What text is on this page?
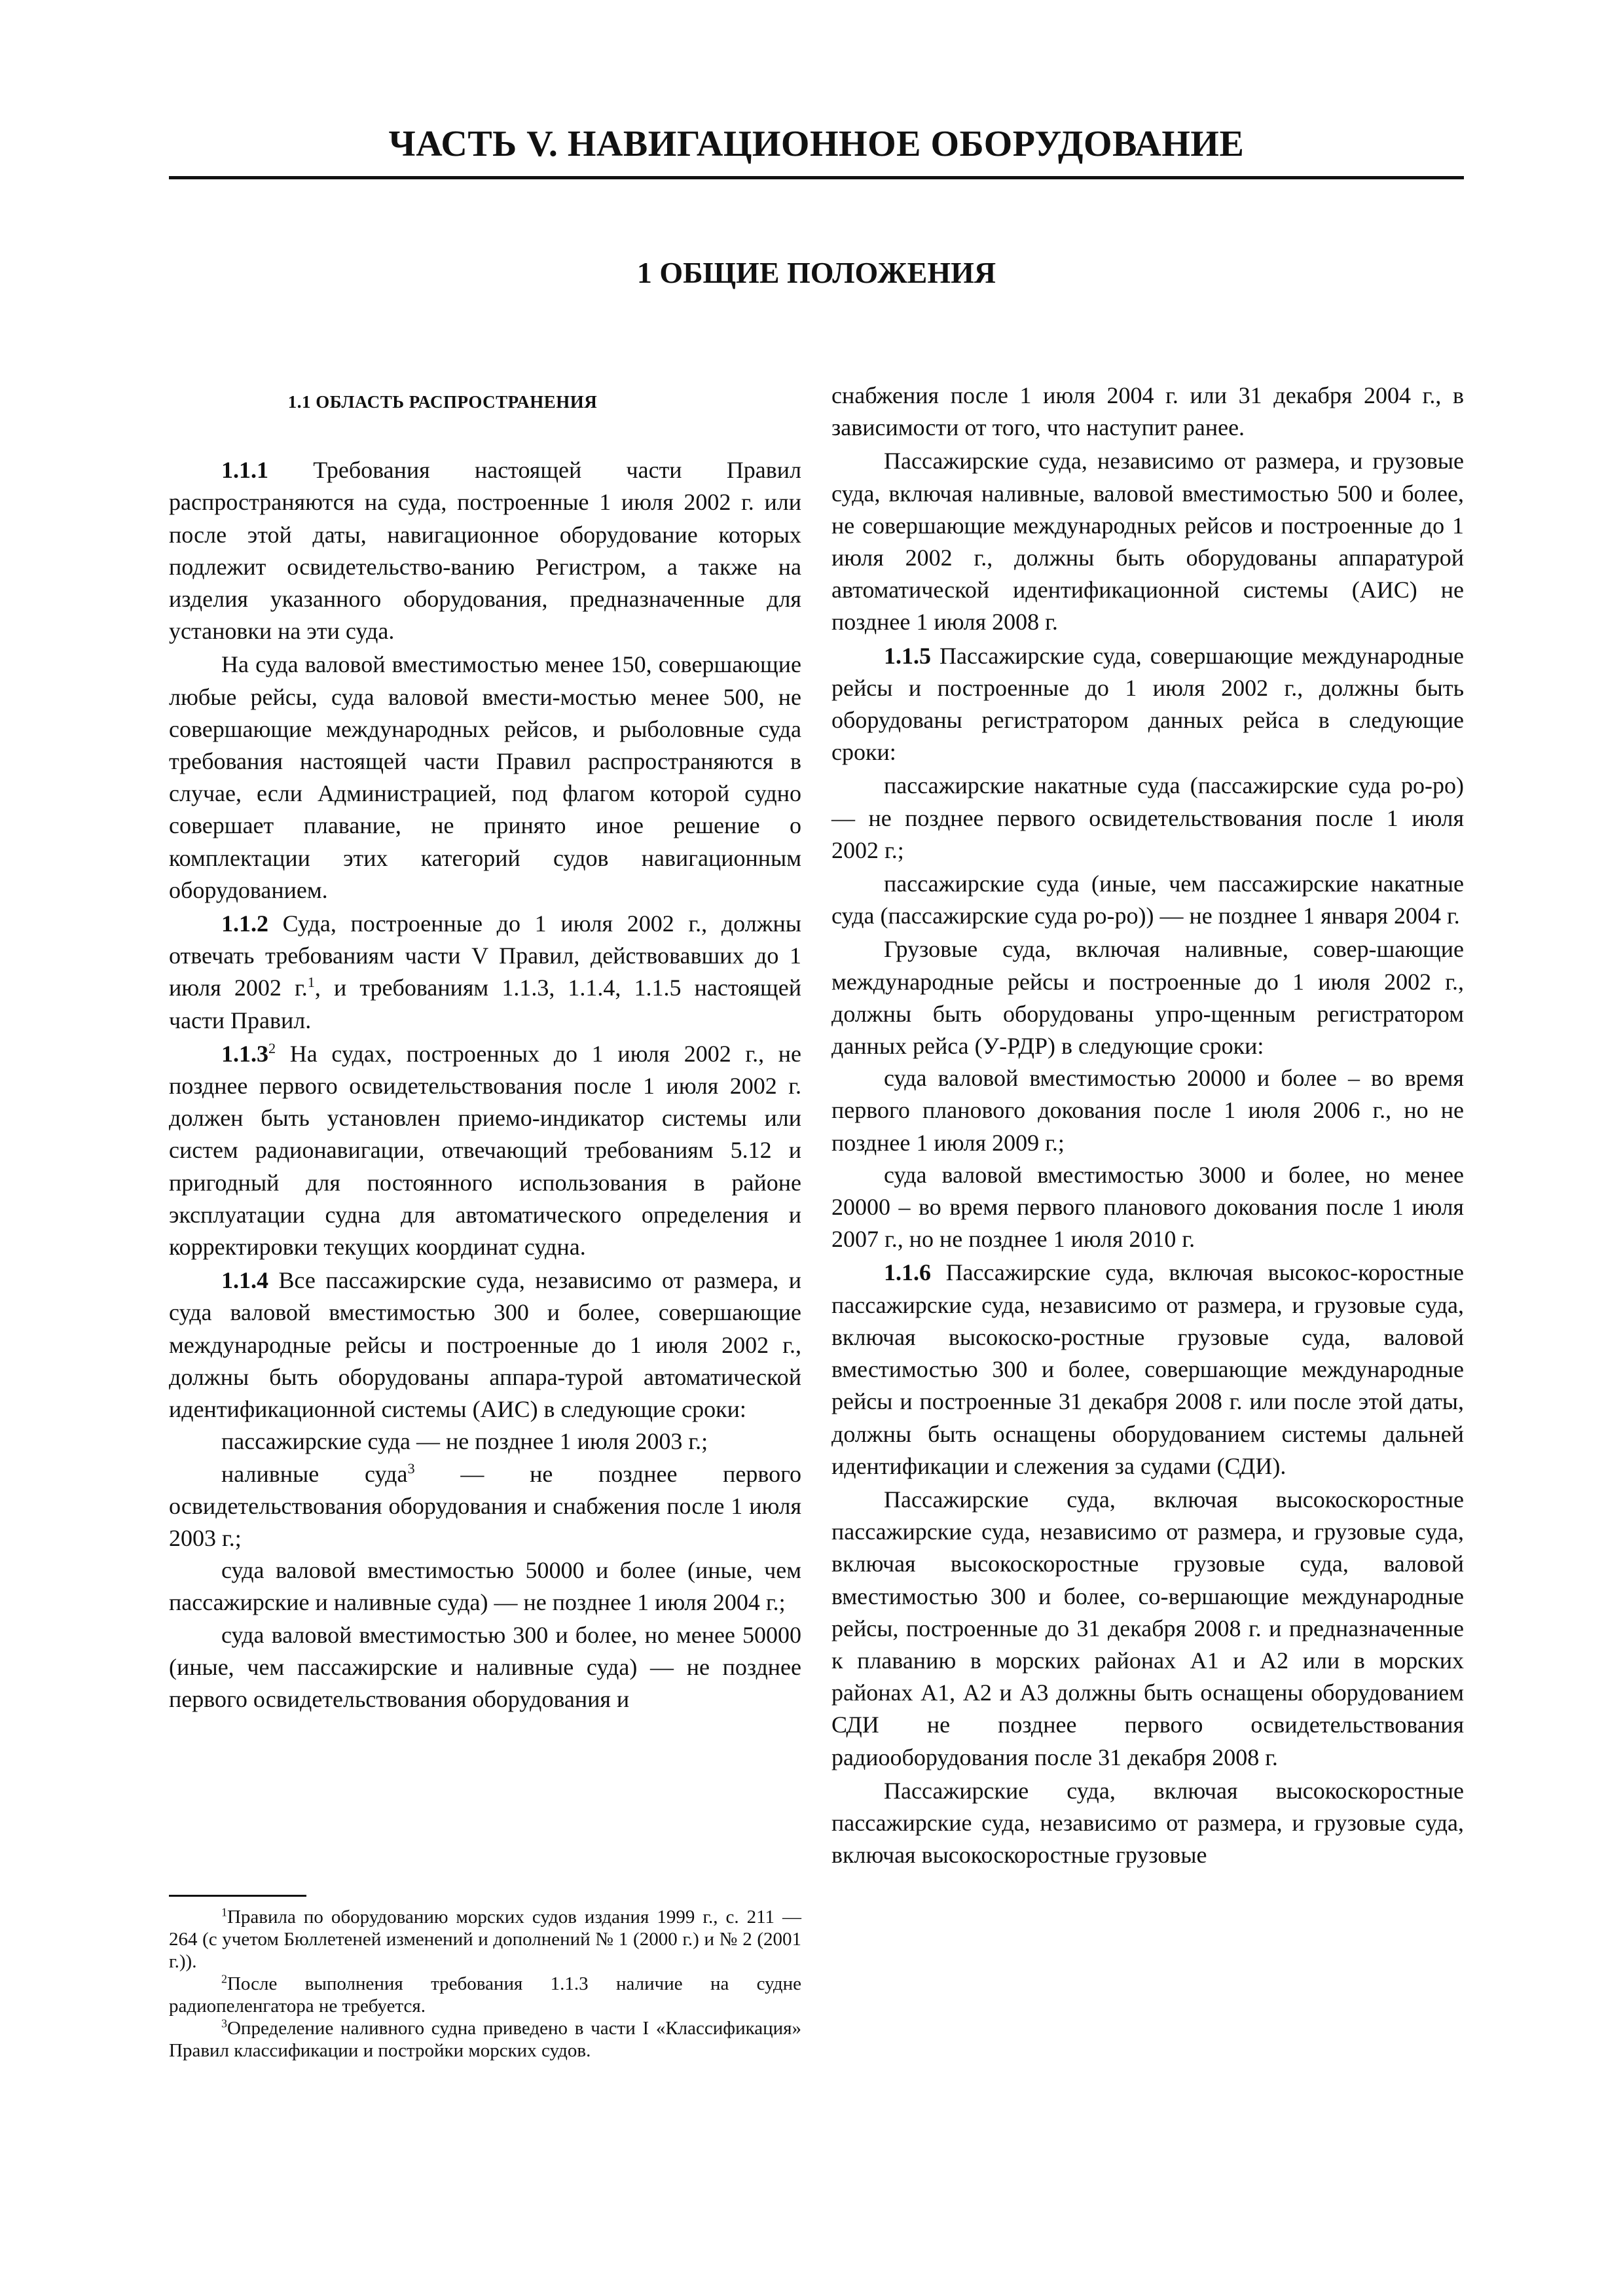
ЧАСТЬ V. НАВИГАЦИОННОЕ ОБОРУДОВАНИЕ
1 ОБЩИЕ ПОЛОЖЕНИЯ
1.1 ОБЛАСТЬ РАСПРОСТРАНЕНИЯ

1.1.1 Требования настоящей части Правил распространяются на суда, построенные 1 июля 2002 г. или после этой даты, навигационное оборудование которых подлежит освидетельство-ванию Регистром, а также на изделия указанного оборудования, предназначенные для установки на эти суда.

На суда валовой вместимостью менее 150, совершающие любые рейсы, суда валовой вмести-мостью менее 500, не совершающие международных рейсов, и рыболовные суда требования настоящей части Правил распространяются в случае, если Администрацией, под флагом которой судно совершает плавание, не принято иное решение о комплектации этих категорий судов навигационным оборудованием.

1.1.2 Суда, построенные до 1 июля 2002 г., должны отвечать требованиям части V Правил, действовавших до 1 июля 2002 г.$^1$, и требованиям 1.1.3, 1.1.4, 1.1.5 настоящей части Правил.

1.1.3$^2$ На судах, построенных до 1 июля 2002 г., не позднее первого освидетельствования после 1 июля 2002 г. должен быть установлен приемо-индикатор системы или систем радионавигации, отвечающий требованиям 5.12 и пригодный для постоянного использования в районе эксплуатации судна для автоматического определения и корректировки текущих координат судна.

1.1.4 Все пассажирские суда, независимо от размера, и суда валовой вместимостью 300 и более, совершающие международные рейсы и построенные до 1 июля 2002 г., должны быть оборудованы аппара-турой автоматической идентификационной системы (АИС) в следующие сроки:

пассажирские суда — не позднее 1 июля 2003 г.;

наливные суда$^3$ — не позднее первого освидетельствования оборудования и снабжения после 1 июля 2003 г.;

суда валовой вместимостью 50000 и более (иные, чем пассажирские и наливные суда) — не позднее 1 июля 2004 г.;

суда валовой вместимостью 300 и более, но менее 50000 (иные, чем пассажирские и наливные суда) — не позднее первого освидетельствования оборудования и

$^1$Правила по оборудованию морских судов издания 1999 г., с. 211 — 264 (с учетом Бюллетеней изменений и дополнений № 1 (2000 г.) и № 2 (2001 г.)).

$^2$После выполнения требования 1.1.3 наличие на судне радиопеленгатора не требуется.

$^3$Определение наливного судна приведено в части I «Классификация» Правил классификации и постройки морских судов.

снабжения после 1 июля 2004 г. или 31 декабря 2004 г., в зависимости от того, что наступит ранее.

Пассажирские суда, независимо от размера, и грузовые суда, включая наливные, валовой вместимостью 500 и более, не совершающие международных рейсов и построенные до 1 июля 2002 г., должны быть оборудованы аппаратурой автоматической идентификационной системы (АИС) не позднее 1 июля 2008 г.

1.1.5 Пассажирские суда, совершающие международные рейсы и построенные до 1 июля 2002 г., должны быть оборудованы регистратором данных рейса в следующие сроки:

пассажирские накатные суда (пассажирские суда ро-ро) — не позднее первого освидетельствования после 1 июля 2002 г.;

пассажирские суда (иные, чем пассажирские накатные суда (пассажирские суда ро-ро)) — не позднее 1 января 2004 г.

Грузовые суда, включая наливные, совер-шающие международные рейсы и построенные до 1 июля 2002 г., должны быть оборудованы упро-щенным регистратором данных рейса (У-РДР) в следующие сроки:

суда валовой вместимостью 20000 и более – во время первого планового докования после 1 июля 2006 г., но не позднее 1 июля 2009 г.;

суда валовой вместимостью 3000 и более, но менее 20000 – во время первого планового докования после 1 июля 2007 г., но не позднее 1 июля 2010 г.

1.1.6 Пассажирские суда, включая высокос-коростные пассажирские суда, независимо от размера, и грузовые суда, включая высокоско-ростные грузовые суда, валовой вместимостью 300 и более, совершающие международные рейсы и построенные 31 декабря 2008 г. или после этой даты, должны быть оснащены оборудованием системы дальней идентификации и слежения за судами (СДИ).

Пассажирские суда, включая высокоскоростные пассажирские суда, независимо от размера, и грузовые суда, включая высокоскоростные грузовые суда, валовой вместимостью 300 и более, со-вершающие международные рейсы, построенные до 31 декабря 2008 г. и предназначенные к плаванию в морских районах А1 и А2 или в морских районах А1, А2 и А3 должны быть оснащены оборудованием СДИ не позднее первого освидетельствования радиооборудования после 31 декабря 2008 г.

Пассажирские суда, включая высокоскоростные пассажирские суда, независимо от размера, и грузовые суда, включая высокоскоростные грузовые
